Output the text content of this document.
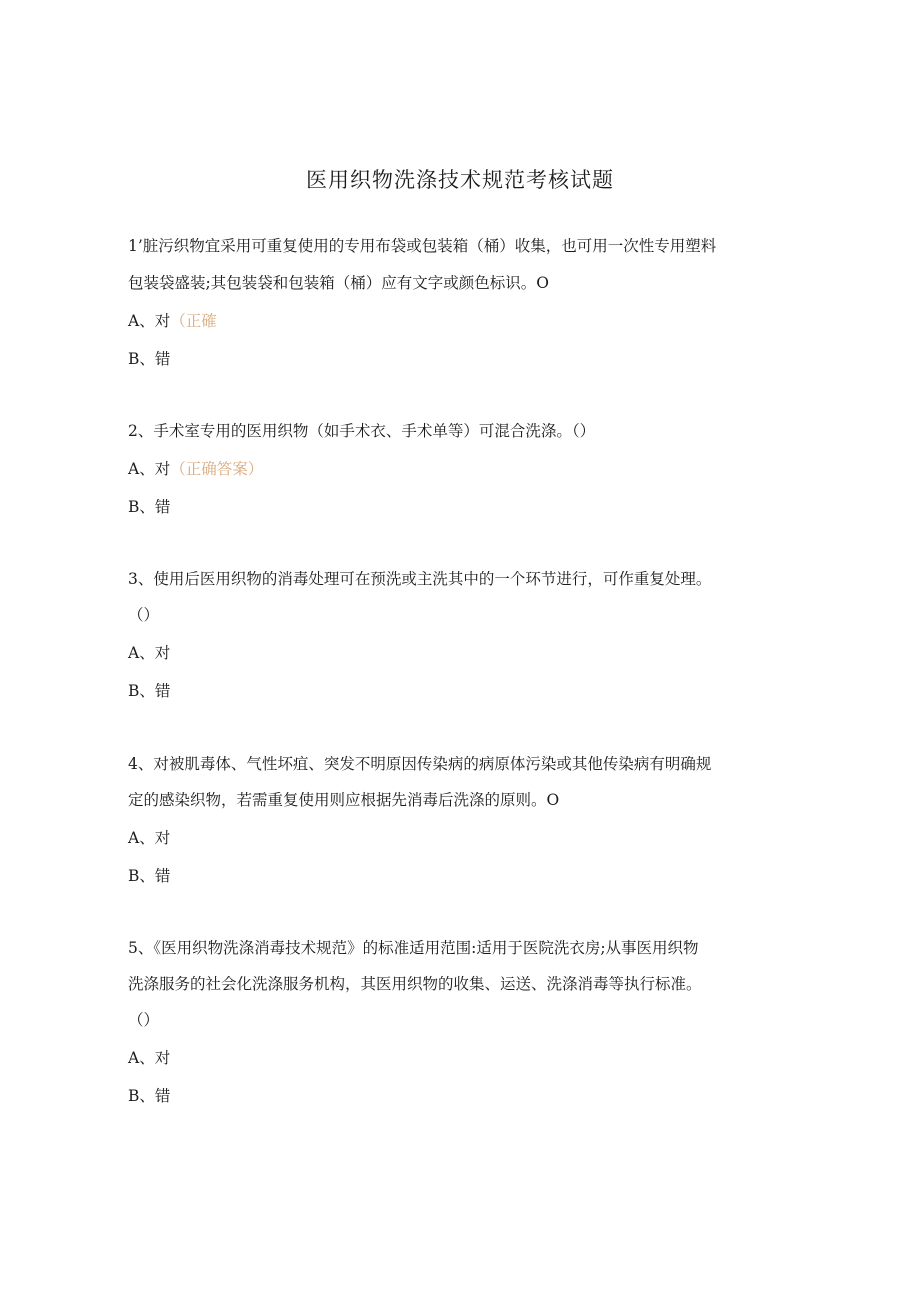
医用织物洗涤技术规范考核试题
1’脏污织物宜采用可重复使用的专用布袋或包装箱（桶）收集，也可用一次性专用塑料
包装袋盛装;其包装袋和包装箱（桶）应有文字或颜色标识。O
A、对（正確
B、错
2、手术室专用的医用织物（如手术衣、手术单等）可混合洗涤。（）
A、对（正确答案）
B、错
3、使用后医用织物的消毒处理可在预洗或主洗其中的一个环节进行，可作重复处理。
（）
A、对
B、错
4、对被肌毒体、气性坏疽、突发不明原因传染病的病原体污染或其他传染病有明确规
定的感染织物，若需重复使用则应根据先消毒后洗涤的原则。O
A、对
B、错
5、《医用织物洗涤消毒技术规范》的标准适用范围:适用于医院洗衣房;从事医用织物
洗涤服务的社会化洗涤服务机构，其医用织物的收集、运送、洗涤消毒等执行标准。
（）
A、对
B、错
